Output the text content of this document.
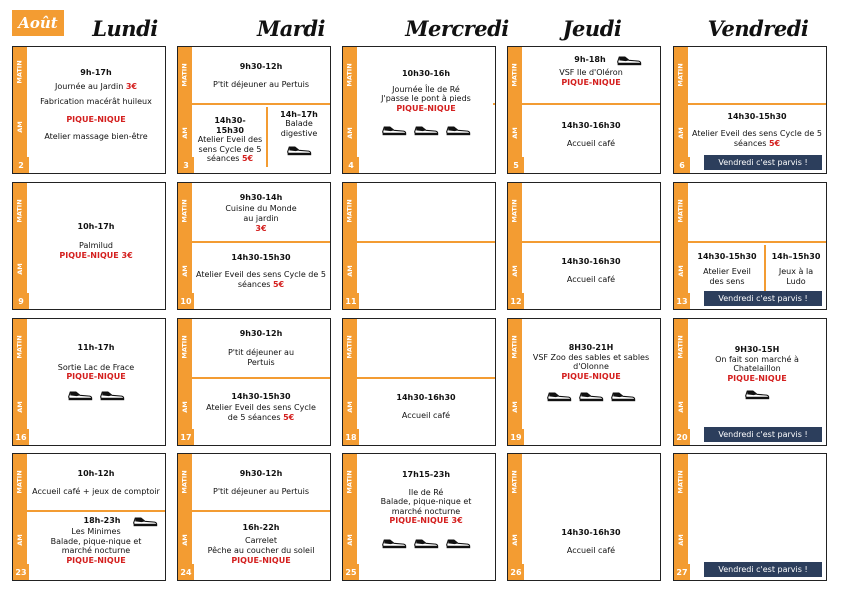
Août	Lundi	Mardi	Mercredi	Jeudi	Vendredi
MATIN
AM
9h-17h
Journée au Jardin 3€
Fabrication macérât huileux
PIQUE-NIQUE
Atelier massage bien-être
2
MATIN
AM
9h30-12h
P'tit déjeuner au Pertuis
14h30-15h30
Atelier Eveil des sens Cycle de 5 séances 5€
14h–17h
Balade digestive
3
MATIN
AM
10h30-16h
Journée Île de Ré
J'passe le pont à pieds
PIQUE-NIQUE
4
MATIN
AM
9h-18h
VSF Ile d'Oléron
PIQUE-NIQUE
14h30-16h30
Accueil café
5
MATIN
AM
14h30-15h30
Atelier Eveil des sens Cycle de 5 séances 5€
Vendredi c'est parvis !
6
MATIN
AM
10h-17h
Palmilud
PIQUE-NIQUE 3€
9
MATIN
AM
9h30-14h
Cuisine du Monde au jardin
3€
14h30-15h30
Atelier Eveil des sens Cycle de 5 séances 5€
10
MATIN
AM
11
MATIN
AM
14h30-16h30
Accueil café
12
MATIN
AM
14h30-15h30
Atelier Eveil des sens
14h–15h30
Jeux à la Ludo
Vendredi c'est parvis !
13
MATIN
AM
11h-17h
Sortie Lac de Frace
PIQUE-NIQUE
16
MATIN
AM
9h30-12h
P'tit déjeuner au Pertuis
14h30-15h30
Atelier Eveil des sens Cycle de 5 séances 5€
17
MATIN
AM
14h30-16h30
Accueil café
18
MATIN
AM
8H30-21H
VSF Zoo des sables et sables d'Olonne
PIQUE-NIQUE
19
MATIN
AM
9H30-15H
On fait son marché à Chatelaillon
PIQUE-NIQUE
Vendredi c'est parvis !
20
MATIN
AM
10h-12h
Accueil café + jeux de comptoir
18h-23h
Les Minimes
Balade, pique-nique et marché nocturne
PIQUE-NIQUE
23
MATIN
AM
9h30-12h
P'tit déjeuner au Pertuis
16h-22h
Carrelet
Pêche au coucher du soleil
PIQUE-NIQUE
24
MATIN
AM
17h15-23h
Ile de Ré
Balade, pique-nique et marché nocturne
PIQUE-NIQUE 3€
25
MATIN
AM
14h30-16h30
Accueil café
26
MATIN
AM
Vendredi c'est parvis !
27
